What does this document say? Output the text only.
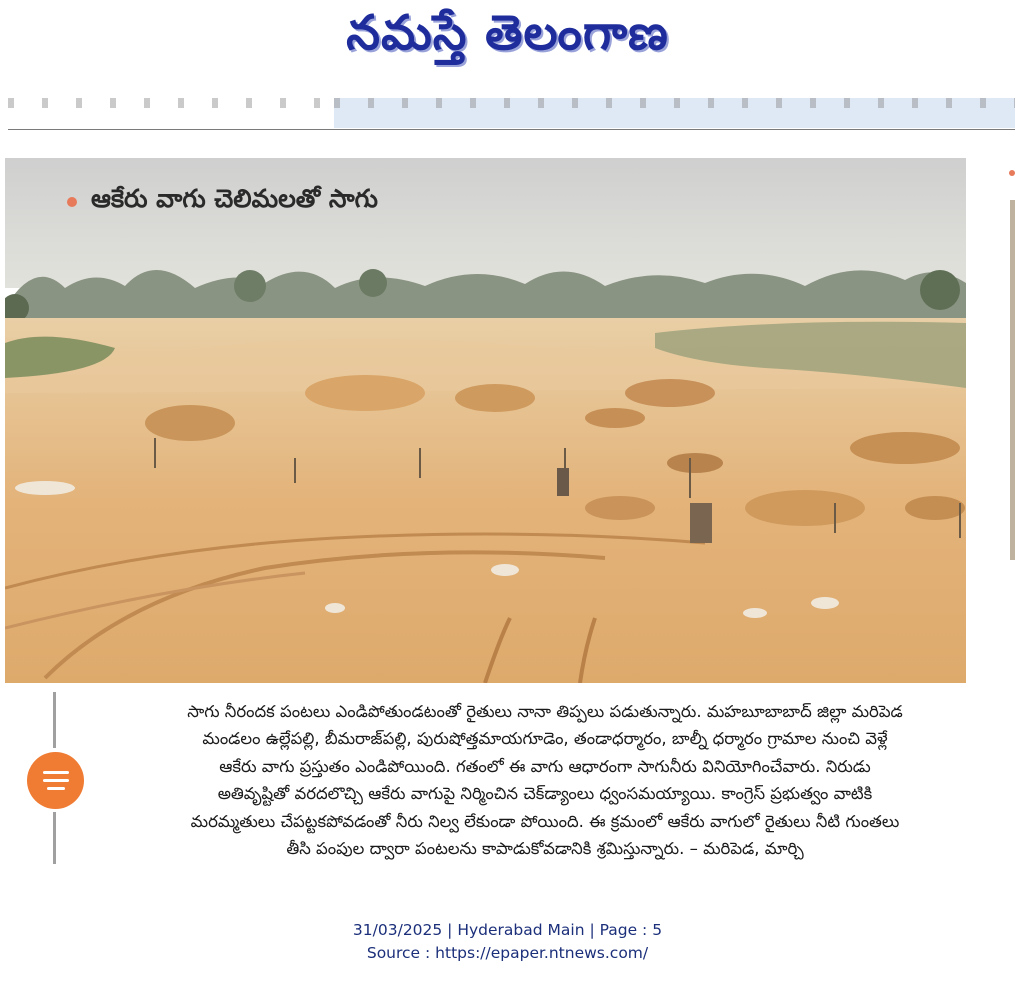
నమస్తే తెలంగాణ
ఆకేరు వాగు చెలిమలతో సాగు
సాగు నీరందక పంటలు ఎండిపోతుండటంతో రైతులు నానా తిప్పలు పడుతున్నారు. మహబూబాబాద్ జిల్లా మరిపెడ
మండలం ఉల్లేపల్లి, బీమరాజ్‌పల్లి, పురుషోత్తమాయగూడెం, తండాధర్మారం, బాల్నీ ధర్మారం గ్రామాల నుంచి వెళ్లే
ఆకేరు వాగు ప్రస్తుతం ఎండిపోయింది. గతంలో ఈ వాగు ఆధారంగా సాగునీరు వినియోగించేవారు. నిరుడు
అతివృష్టితో వరదలొచ్చి ఆకేరు వాగుపై నిర్మించిన చెక్‌డ్యాంలు ధ్వంసమయ్యాయి. కాంగ్రెస్ ప్రభుత్వం వాటికి
మరమ్మతులు చేపట్టకపోవడంతో నీరు నిల్వ లేకుండా పోయింది. ఈ క్రమంలో ఆకేరు వాగులో రైతులు నీటి గుంతలు
తీసి పంపుల ద్వారా పంటలను కాపాడుకోవడానికి శ్రమిస్తున్నారు. – మరిపెడ, మార్చి
31/03/2025 | Hyderabad Main | Page : 5
Source : https://epaper.ntnews.com/
